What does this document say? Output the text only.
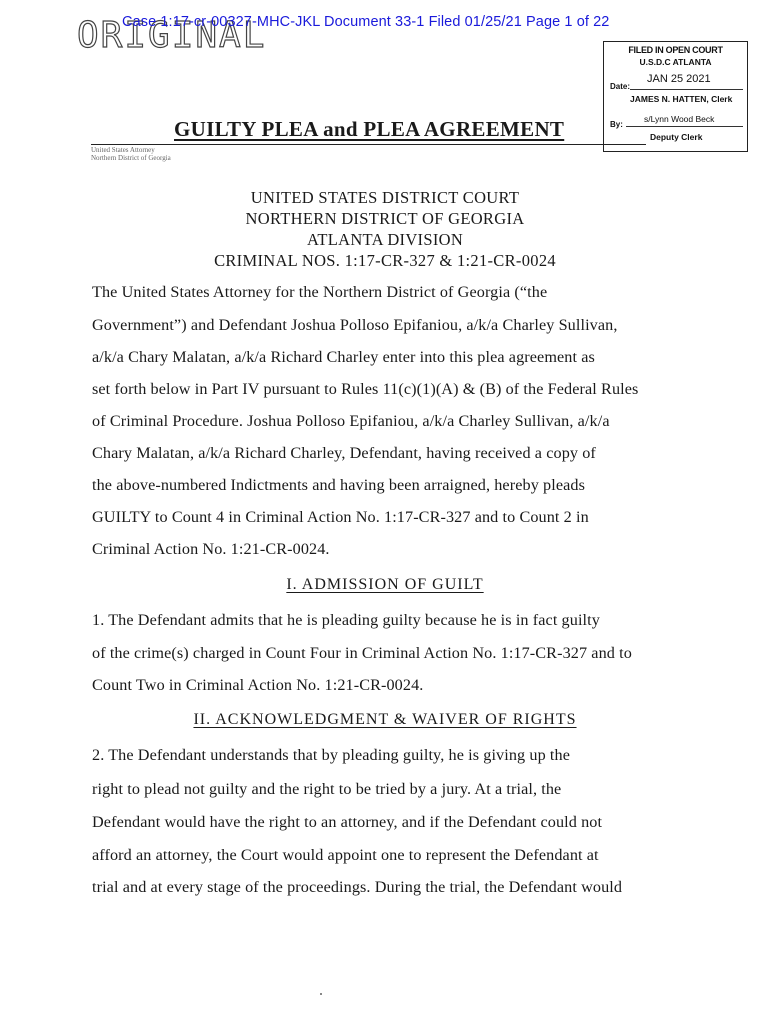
ORIGINAL
Case 1:17-cr-00327-MHC-JKL Document 33-1 Filed 01/25/21 Page 1 of 22
FILED IN OPEN COURT
U.S.D.C ATLANTA
Date:
JAN 25 2021
JAMES N. HATTEN, Clerk
By:
s/Lynn Wood Beck
Deputy Clerk
GUILTY PLEA and PLEA AGREEMENT
United States Attorney
Northern District of Georgia
UNITED STATES DISTRICT COURT
NORTHERN DISTRICT OF GEORGIA
ATLANTA DIVISION
CRIMINAL NOS. 1:17-CR-327 & 1:21-CR-0024
The United States Attorney for the Northern District of Georgia (“the
Government”) and Defendant Joshua Polloso Epifaniou, a/k/a Charley Sullivan,
a/k/a Chary Malatan, a/k/a Richard Charley enter into this plea agreement as
set forth below in Part IV pursuant to Rules 11(c)(1)(A) & (B) of the Federal Rules
of Criminal Procedure. Joshua Polloso Epifaniou, a/k/a Charley Sullivan, a/k/a
Chary Malatan, a/k/a Richard Charley, Defendant, having received a copy of
the above-numbered Indictments and having been arraigned, hereby pleads
GUILTY to Count 4 in Criminal Action No. 1:17-CR-327 and to Count 2 in
Criminal Action No. 1:21-CR-0024.
I. ADMISSION OF GUILT
1. The Defendant admits that he is pleading guilty because he is in fact guilty
of the crime(s) charged in Count Four in Criminal Action No. 1:17-CR-327 and to
Count Two in Criminal Action No. 1:21-CR-0024.
II. ACKNOWLEDGMENT & WAIVER OF RIGHTS
2. The Defendant understands that by pleading guilty, he is giving up the
right to plead not guilty and the right to be tried by a jury. At a trial, the
Defendant would have the right to an attorney, and if the Defendant could not
afford an attorney, the Court would appoint one to represent the Defendant at
trial and at every stage of the proceedings. During the trial, the Defendant would
